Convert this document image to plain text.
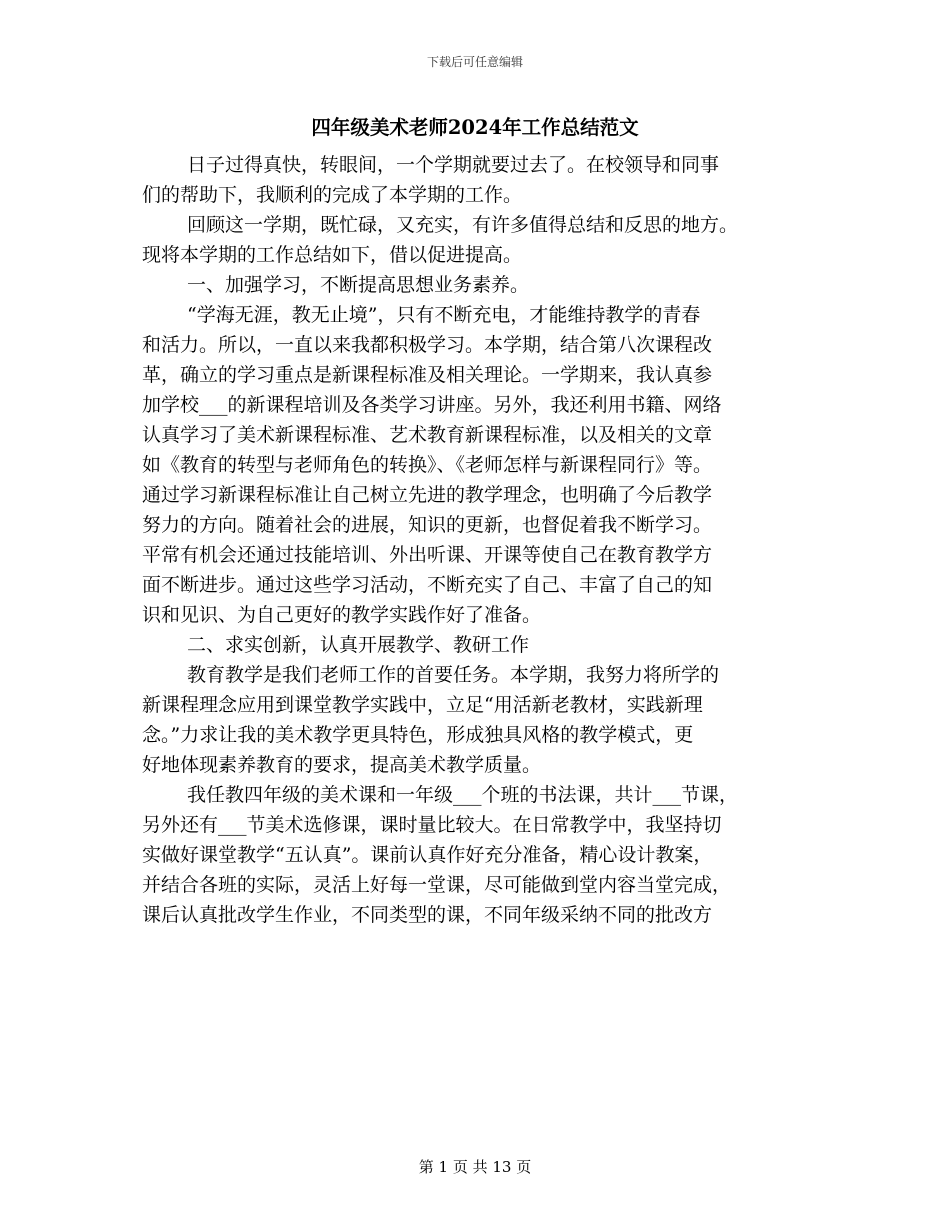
下载后可任意编辑
四年级美术老师2024年工作总结范文
日子过得真快，转眼间，一个学期就要过去了。在校领导和同事
们的帮助下，我顺利的完成了本学期的工作。
回顾这一学期，既忙碌，又充实，有许多值得总结和反思的地方。
现将本学期的工作总结如下，借以促进提高。
一、加强学习，不断提高思想业务素养。
“学海无涯，教无止境”，只有不断充电，才能维持教学的青春
和活力。所以，一直以来我都积极学习。本学期，结合第八次课程改
革，确立的学习重点是新课程标准及相关理论。一学期来，我认真参
加学校___的新课程培训及各类学习讲座。另外，我还利用书籍、网络
认真学习了美术新课程标准、艺术教育新课程标准，以及相关的文章
如《教育的转型与老师角色的转换》、《老师怎样与新课程同行》等。
通过学习新课程标准让自己树立先进的教学理念，也明确了今后教学
努力的方向。随着社会的进展，知识的更新，也督促着我不断学习。
平常有机会还通过技能培训、外出听课、开课等使自己在教育教学方
面不断进步。通过这些学习活动，不断充实了自己、丰富了自己的知
识和见识、为自己更好的教学实践作好了准备。
二、求实创新，认真开展教学、教研工作
教育教学是我们老师工作的首要任务。本学期，我努力将所学的
新课程理念应用到课堂教学实践中，立足“用活新老教材，实践新理
念。”力求让我的美术教学更具特色，形成独具风格的教学模式，更
好地体现素养教育的要求，提高美术教学质量。
我任教四年级的美术课和一年级___个班的书法课，共计___节课，
另外还有___节美术选修课，课时量比较大。在日常教学中，我坚持切
实做好课堂教学“五认真”。课前认真作好充分准备，精心设计教案，
并结合各班的实际，灵活上好每一堂课，尽可能做到堂内容当堂完成，
课后认真批改学生作业，不同类型的课，不同年级采纳不同的批改方
第 1 页 共 13 页
